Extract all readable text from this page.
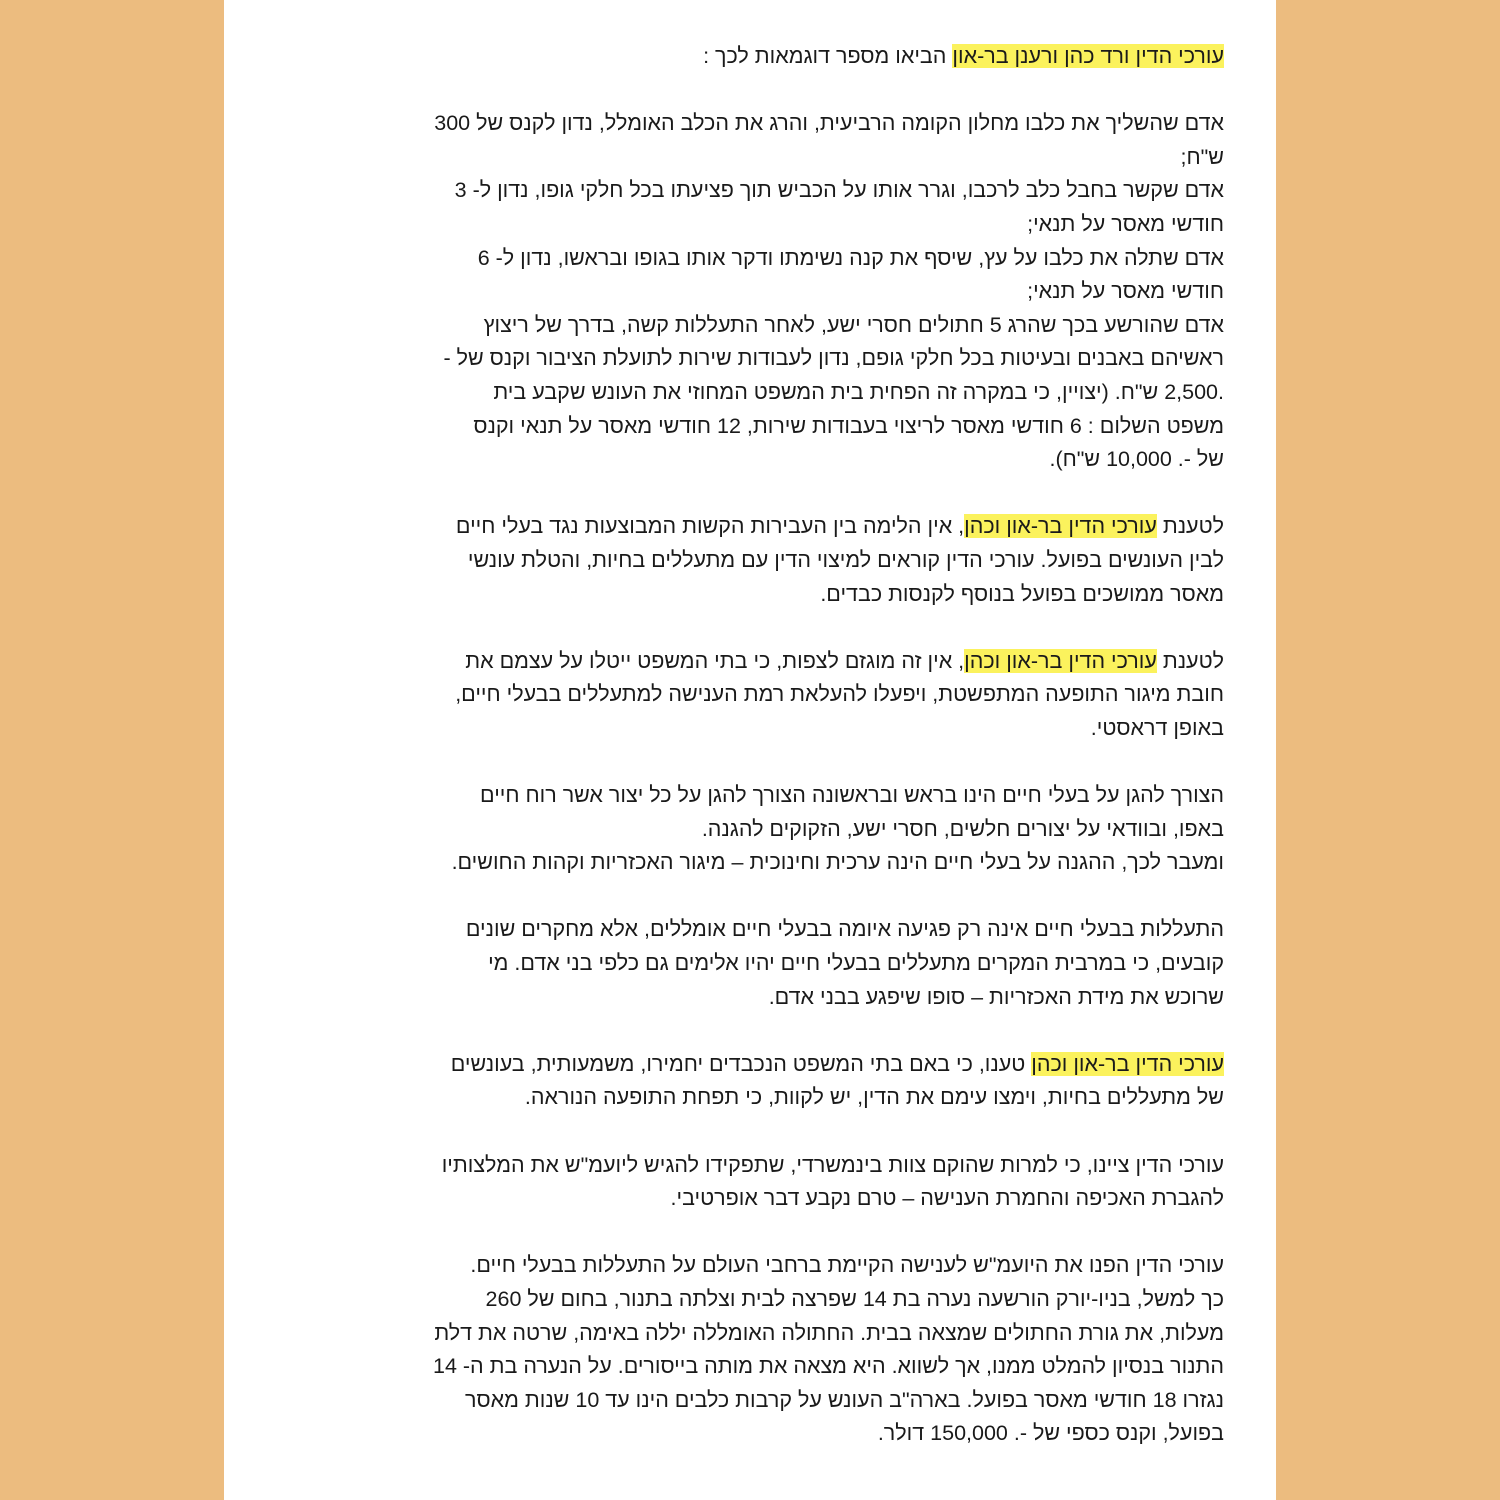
עורכי הדין ורד כהן ורענן בר-און הביאו מספר דוגמאות לכך :
אדם שהשליך את כלבו מחלון הקומה הרביעית, והרג את הכלב האומלל, נדון לקנס של 300
ש"ח;
אדם שקשר בחבל כלב לרכבו, וגרר אותו על הכביש תוך פציעתו בכל חלקי גופו, נדון ל- 3
חודשי מאסר על תנאי;
אדם שתלה את כלבו על עץ, שיסף את קנה נשימתו ודקר אותו בגופו ובראשו, נדון ל- 6
חודשי מאסר על תנאי;
אדם שהורשע בכך שהרג 5 חתולים חסרי ישע, לאחר התעללות קשה, בדרך של ריצוץ
ראשיהם באבנים ובעיטות בכל חלקי גופם, נדון לעבודות שירות לתועלת הציבור וקנס של -
.2,500 ש"ח. (יצויין, כי במקרה זה הפחית בית המשפט המחוזי את העונש שקבע בית
משפט השלום : 6 חודשי מאסר לריצוי בעבודות שירות, 12 חודשי מאסר על תנאי וקנס
של -. 10,000 ש"ח).
לטענת עורכי הדין בר-און וכהן, אין הלימה בין העבירות הקשות המבוצעות נגד בעלי חיים
לבין העונשים בפועל. עורכי הדין קוראים למיצוי הדין עם מתעללים בחיות, והטלת עונשי
מאסר ממושכים בפועל בנוסף לקנסות כבדים.
לטענת עורכי הדין בר-און וכהן, אין זה מוגזם לצפות, כי בתי המשפט ייטלו על עצמם את
חובת מיגור התופעה המתפשטת, ויפעלו להעלאת רמת הענישה למתעללים בבעלי חיים,
באופן דראסטי.
הצורך להגן על בעלי חיים הינו בראש ובראשונה הצורך להגן על כל יצור אשר רוח חיים
באפו, ובוודאי על יצורים חלשים, חסרי ישע, הזקוקים להגנה.
ומעבר לכך, ההגנה על בעלי חיים הינה ערכית וחינוכית – מיגור האכזריות וקהות החושים.
התעללות בבעלי חיים אינה רק פגיעה איומה בבעלי חיים אומללים, אלא מחקרים שונים
קובעים, כי במרבית המקרים מתעללים בבעלי חיים יהיו אלימים גם כלפי בני אדם. מי
שרוכש את מידת האכזריות – סופו שיפגע בבני אדם.
עורכי הדין בר-און וכהן טענו, כי באם בתי המשפט הנכבדים יחמירו, משמעותית, בעונשים
של מתעללים בחיות, וימצו עימם את הדין, יש לקוות, כי תפחת התופעה הנוראה.
עורכי הדין ציינו, כי למרות שהוקם צוות בינמשרדי, שתפקידו להגיש ליועמ"ש את המלצותיו
להגברת האכיפה והחמרת הענישה – טרם נקבע דבר אופרטיבי.
עורכי הדין הפנו את היועמ"ש לענישה הקיימת ברחבי העולם על התעללות בבעלי חיים.
כך למשל, בניו-יורק הורשעה נערה בת 14 שפרצה לבית וצלתה בתנור, בחום של 260
מעלות, את גורת החתולים שמצאה בבית. החתולה האומללה יללה באימה, שרטה את דלת
התנור בנסיון להמלט ממנו, אך לשווא. היא מצאה את מותה בייסורים. על הנערה בת ה- 14
נגזרו 18 חודשי מאסר בפועל. בארה"ב העונש על קרבות כלבים הינו עד 10 שנות מאסר
בפועל, וקנס כספי של -. 150,000 דולר.
